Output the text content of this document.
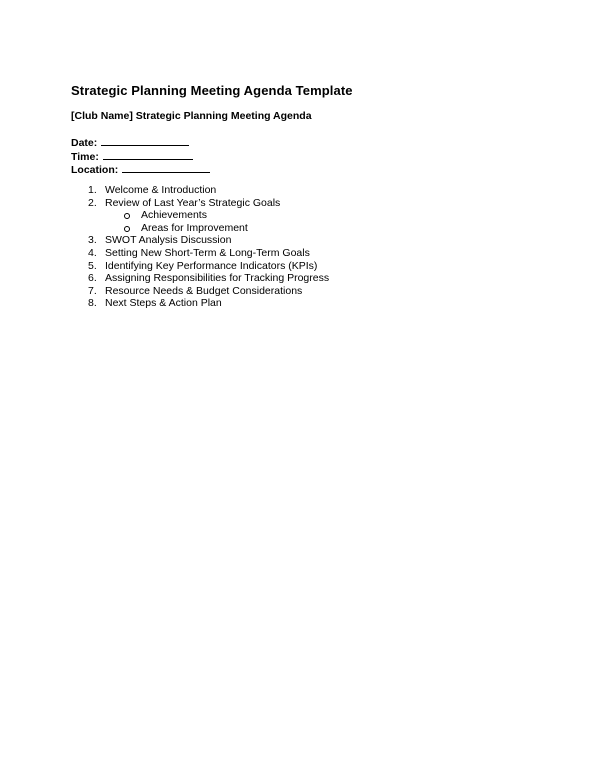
Strategic Planning Meeting Agenda Template
[Club Name] Strategic Planning Meeting Agenda
Date:
Time:
Location:
1. Welcome & Introduction
2. Review of Last Year’s Strategic Goals
Achievements
Areas for Improvement
3. SWOT Analysis Discussion
4. Setting New Short-Term & Long-Term Goals
5. Identifying Key Performance Indicators (KPIs)
6. Assigning Responsibilities for Tracking Progress
7. Resource Needs & Budget Considerations
8. Next Steps & Action Plan
